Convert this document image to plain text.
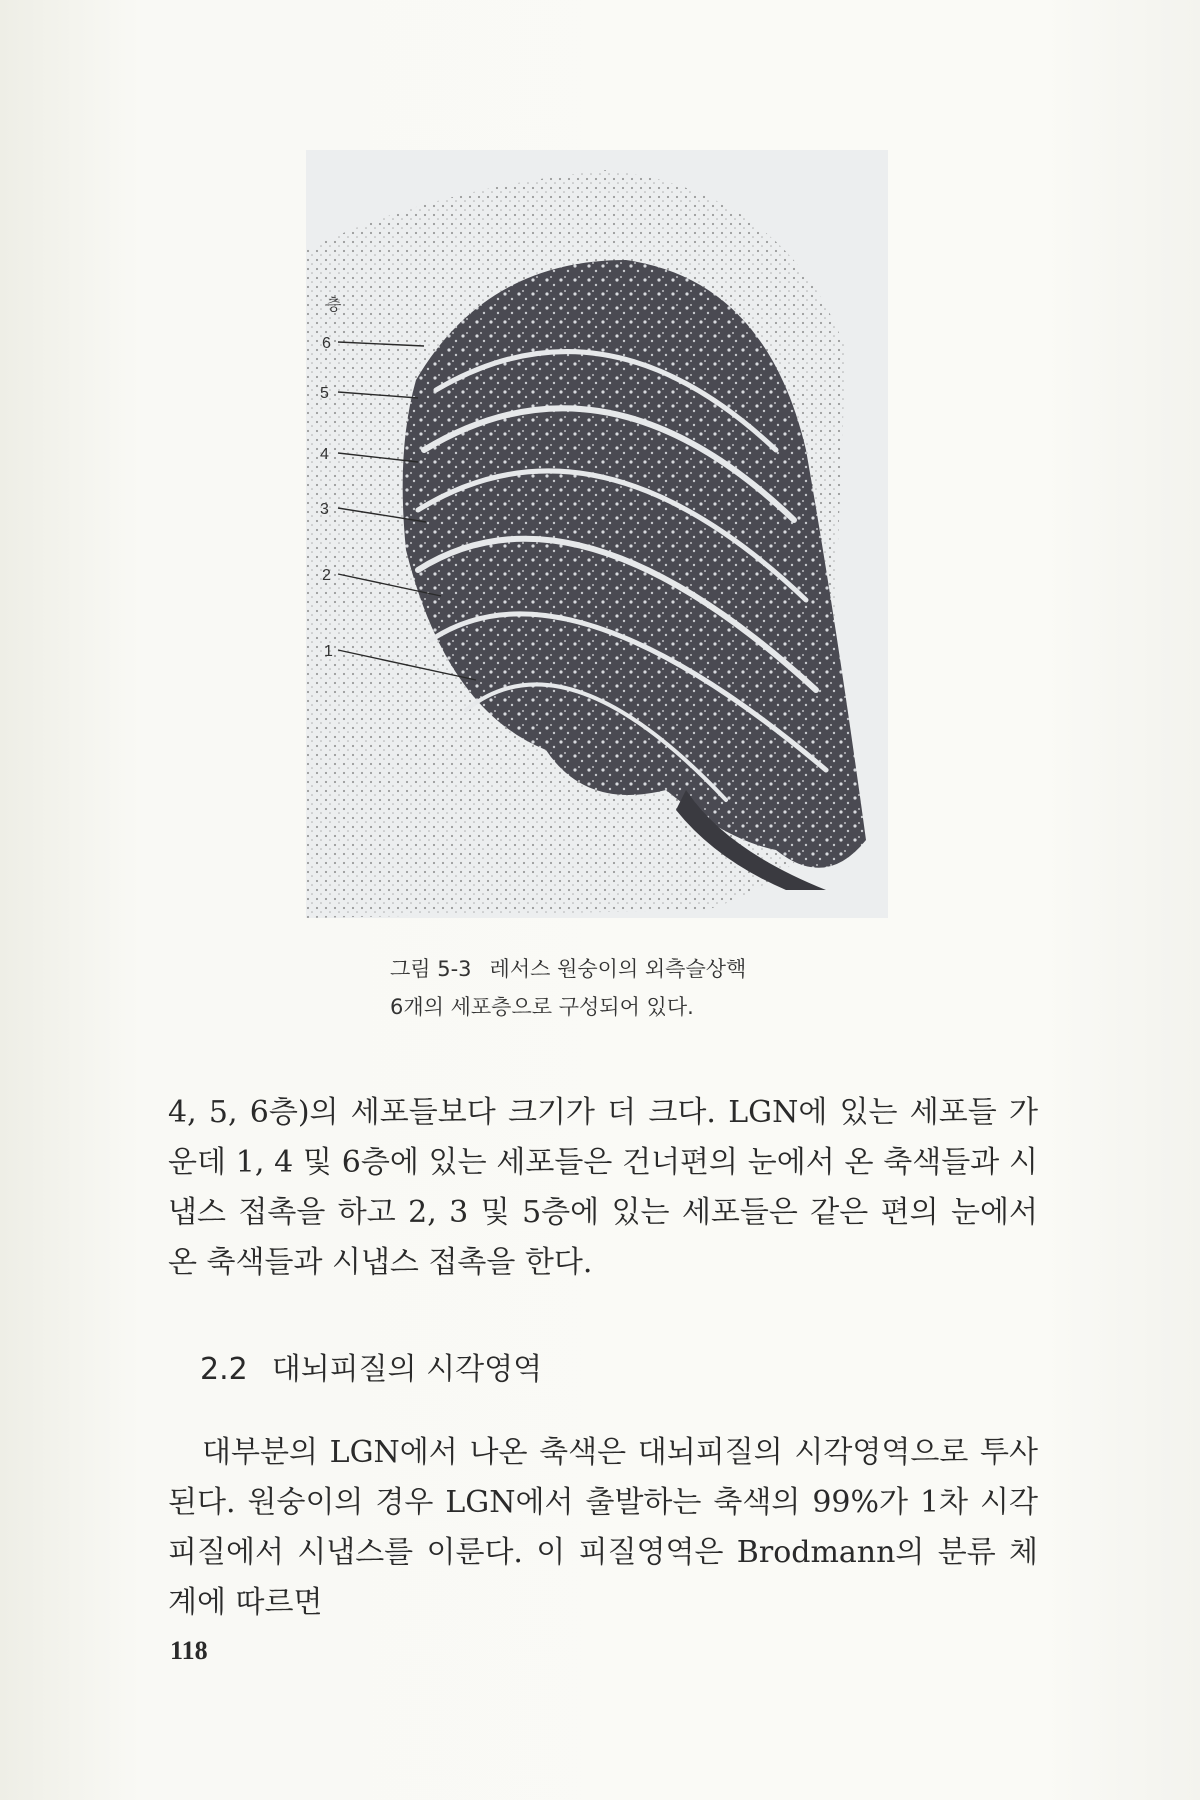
층
6
5
4
3
2
1
그림 5-3 레서스 원숭이의 외측슬상핵
6개의 세포층으로 구성되어 있다.
4, 5, 6층)의 세포들보다 크기가 더 크다. LGN에 있는 세포들 가운데 1, 4 및 6층에 있는 세포들은 건너편의 눈에서 온 축색들과 시냅스 접촉을 하고 2, 3 및 5층에 있는 세포들은 같은 편의 눈에서 온 축색들과 시냅스 접촉을 한다.
2.2 대뇌피질의 시각영역
대부분의 LGN에서 나온 축색은 대뇌피질의 시각영역으로 투사된다. 원숭이의 경우 LGN에서 출발하는 축색의 99%가 1차 시각피질에서 시냅스를 이룬다. 이 피질영역은 Brodmann의 분류 체계에 따르면
118
